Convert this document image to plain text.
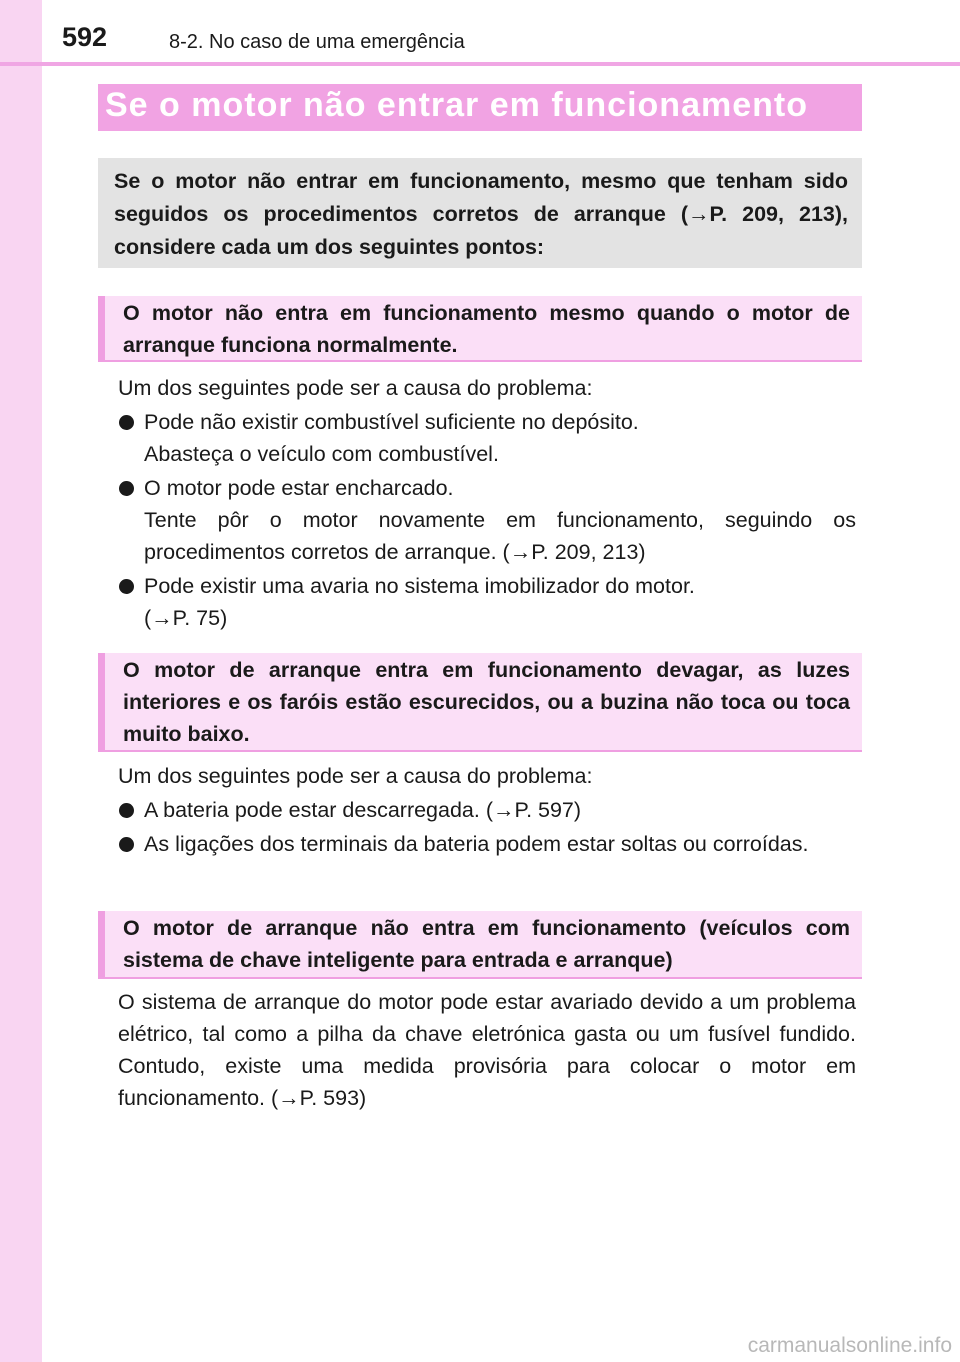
592	8-2. No caso de uma emergência
Se o motor não entrar em funcionamento
Se o motor não entrar em funcionamento, mesmo que tenham sido seguidos os procedimentos corretos de arranque (→P. 209, 213), considere cada um dos seguintes pontos:
O motor não entra em funcionamento mesmo quando o motor de arranque funciona normalmente.
Um dos seguintes pode ser a causa do problema:
Pode não existir combustível suficiente no depósito.
Abasteça o veículo com combustível.
O motor pode estar encharcado.
Tente pôr o motor novamente em funcionamento, seguindo os procedimentos corretos de arranque. (→P. 209, 213)
Pode existir uma avaria no sistema imobilizador do motor.
(→P. 75)
O motor de arranque entra em funcionamento devagar, as luzes interiores e os faróis estão escurecidos, ou a buzina não toca ou toca muito baixo.
Um dos seguintes pode ser a causa do problema:
A bateria pode estar descarregada. (→P. 597)
As ligações dos terminais da bateria podem estar soltas ou corroídas.
O motor de arranque não entra em funcionamento (veículos com sistema de chave inteligente para entrada e arranque)
O sistema de arranque do motor pode estar avariado devido a um problema elétrico, tal como a pilha da chave eletrónica gasta ou um fusível fundido. Contudo, existe uma medida provisória para colocar o motor em funcionamento. (→P. 593)
carmanualsonline.info
